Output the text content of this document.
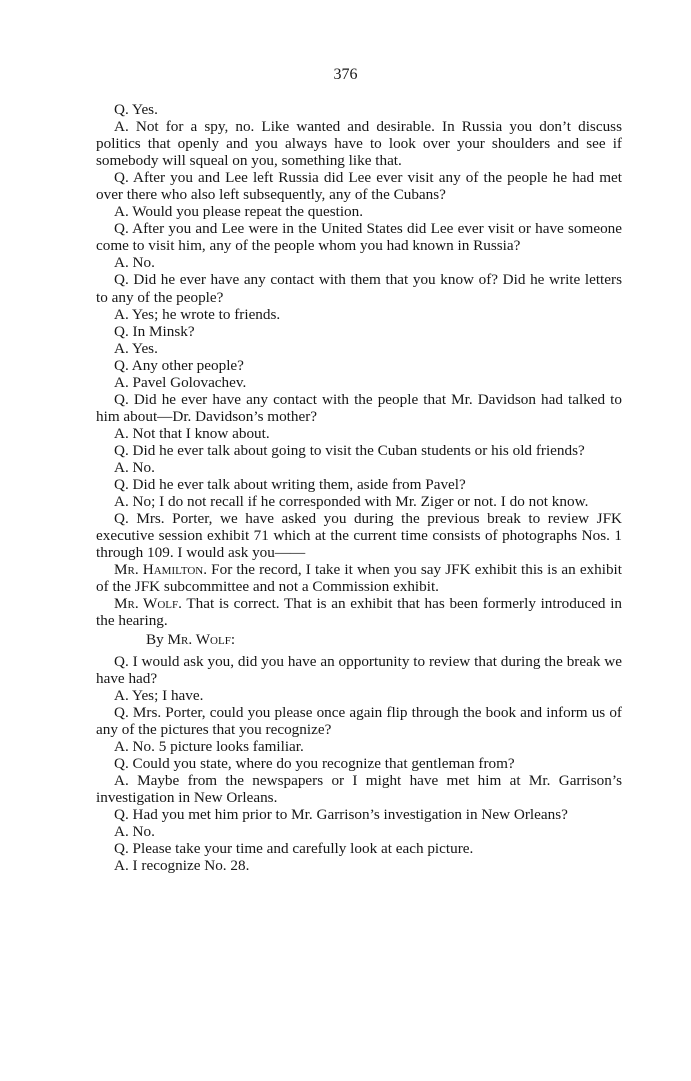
376

Q. Yes.

A. Not for a spy, no. Like wanted and desirable. In Russia you don’t discuss politics that openly and you always have to look over your shoulders and see if somebody will squeal on you, something like that.

Q. After you and Lee left Russia did Lee ever visit any of the people he had met over there who also left subsequently, any of the Cubans?

A. Would you please repeat the question.

Q. After you and Lee were in the United States did Lee ever visit or have someone come to visit him, any of the people whom you had known in Russia?

A. No.

Q. Did he ever have any contact with them that you know of? Did he write letters to any of the people?

A. Yes; he wrote to friends.

Q. In Minsk?

A. Yes.

Q. Any other people?

A. Pavel Golovachev.

Q. Did he ever have any contact with the people that Mr. Davidson had talked to him about—Dr. Davidson’s mother?

A. Not that I know about.

Q. Did he ever talk about going to visit the Cuban students or his old friends?

A. No.

Q. Did he ever talk about writing them, aside from Pavel?

A. No; I do not recall if he corresponded with Mr. Ziger or not. I do not know.

Q. Mrs. Porter, we have asked you during the previous break to review JFK executive session exhibit 71 which at the current time consists of photographs Nos. 1 through 109. I would ask you——

Mr. Hamilton. For the record, I take it when you say JFK exhibit this is an exhibit of the JFK subcommittee and not a Commission exhibit.

Mr. Wolf. That is correct. That is an exhibit that has been formerly introduced in the hearing.

By Mr. Wolf:

Q. I would ask you, did you have an opportunity to review that during the break we have had?

A. Yes; I have.

Q. Mrs. Porter, could you please once again flip through the book and inform us of any of the pictures that you recognize?

A. No. 5 picture looks familiar.

Q. Could you state, where do you recognize that gentleman from?

A. Maybe from the newspapers or I might have met him at Mr. Garrison’s investigation in New Orleans.

Q. Had you met him prior to Mr. Garrison’s investigation in New Orleans?

A. No.

Q. Please take your time and carefully look at each picture.

A. I recognize No. 28.
